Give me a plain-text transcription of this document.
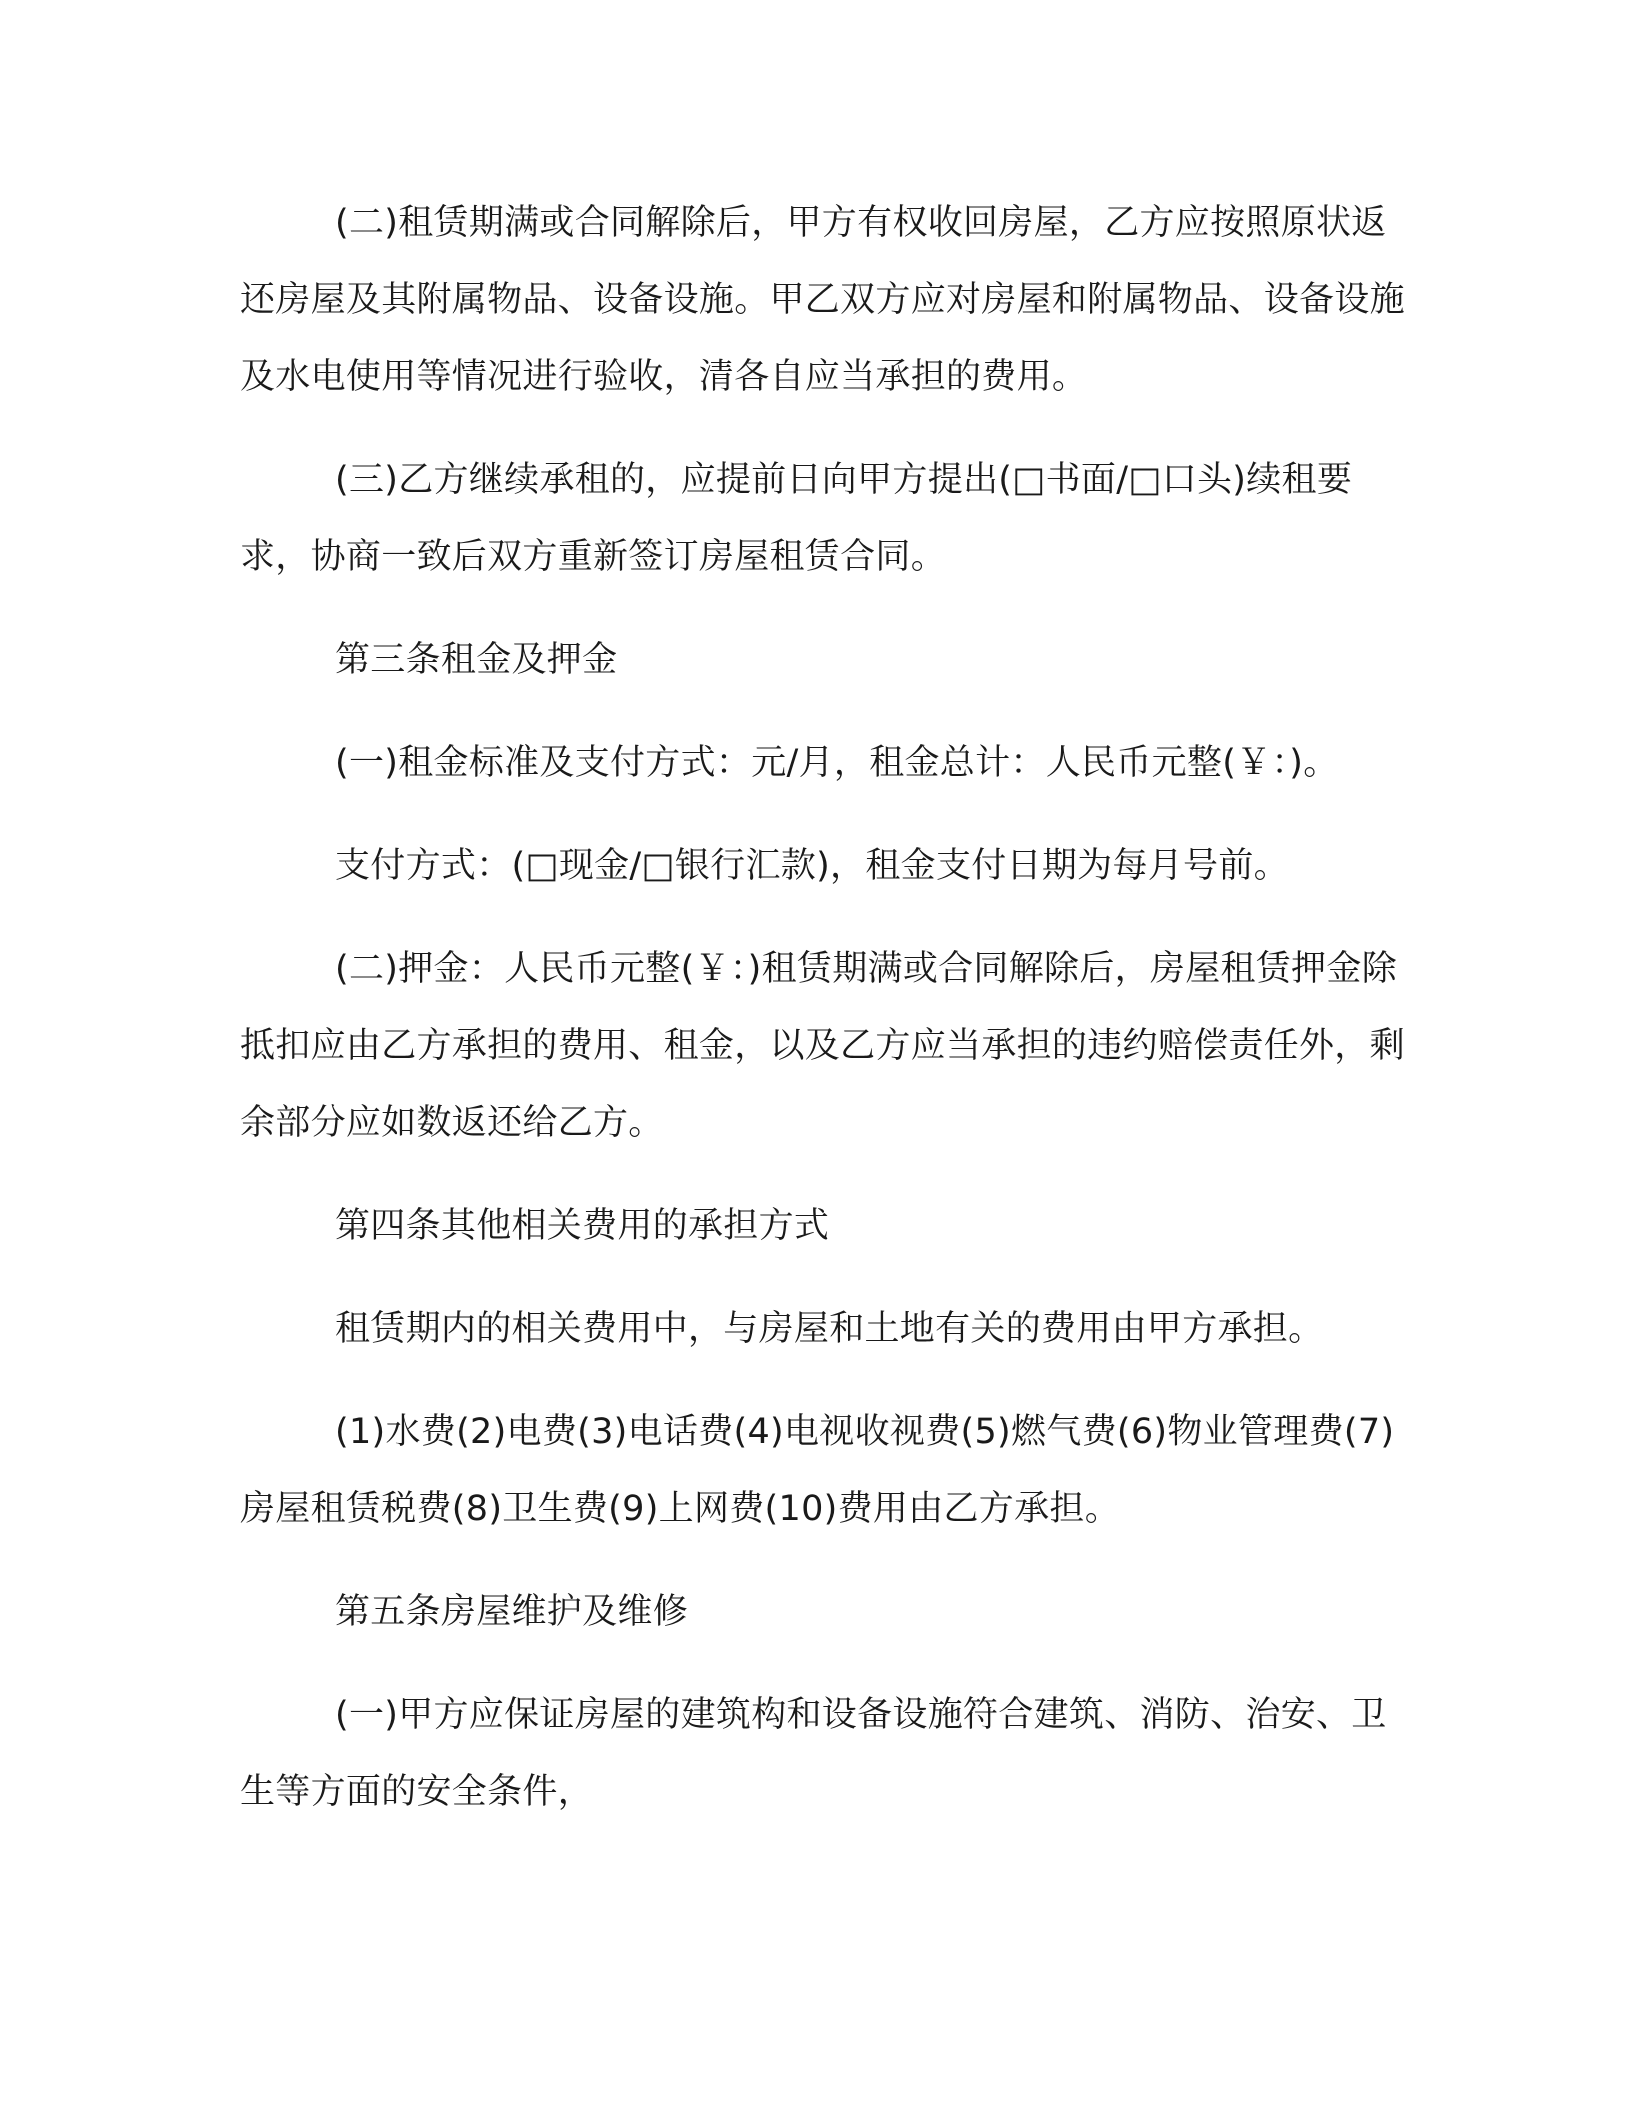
(二)租赁期满或合同解除后，甲方有权收回房屋，乙方应按照原状返还房屋及其附属物品、设备设施。甲乙双方应对房屋和附属物品、设备设施及水电使用等情况进行验收，清各自应当承担的费用。

(三)乙方继续承租的，应提前日向甲方提出(□书面/□口头)续租要求，协商一致后双方重新签订房屋租赁合同。

第三条租金及押金

(一)租金标准及支付方式：元/月，租金总计：人民币元整(￥：)。

支付方式：(□现金/□银行汇款)，租金支付日期为每月号前。

(二)押金：人民币元整(￥：)租赁期满或合同解除后，房屋租赁押金除抵扣应由乙方承担的费用、租金，以及乙方应当承担的违约赔偿责任外，剩余部分应如数返还给乙方。

第四条其他相关费用的承担方式

租赁期内的相关费用中，与房屋和土地有关的费用由甲方承担。

(1)水费(2)电费(3)电话费(4)电视收视费(5)燃气费(6)物业管理费(7)房屋租赁税费(8)卫生费(9)上网费(10)费用由乙方承担。

第五条房屋维护及维修

(一)甲方应保证房屋的建筑构和设备设施符合建筑、消防、治安、卫生等方面的安全条件，
